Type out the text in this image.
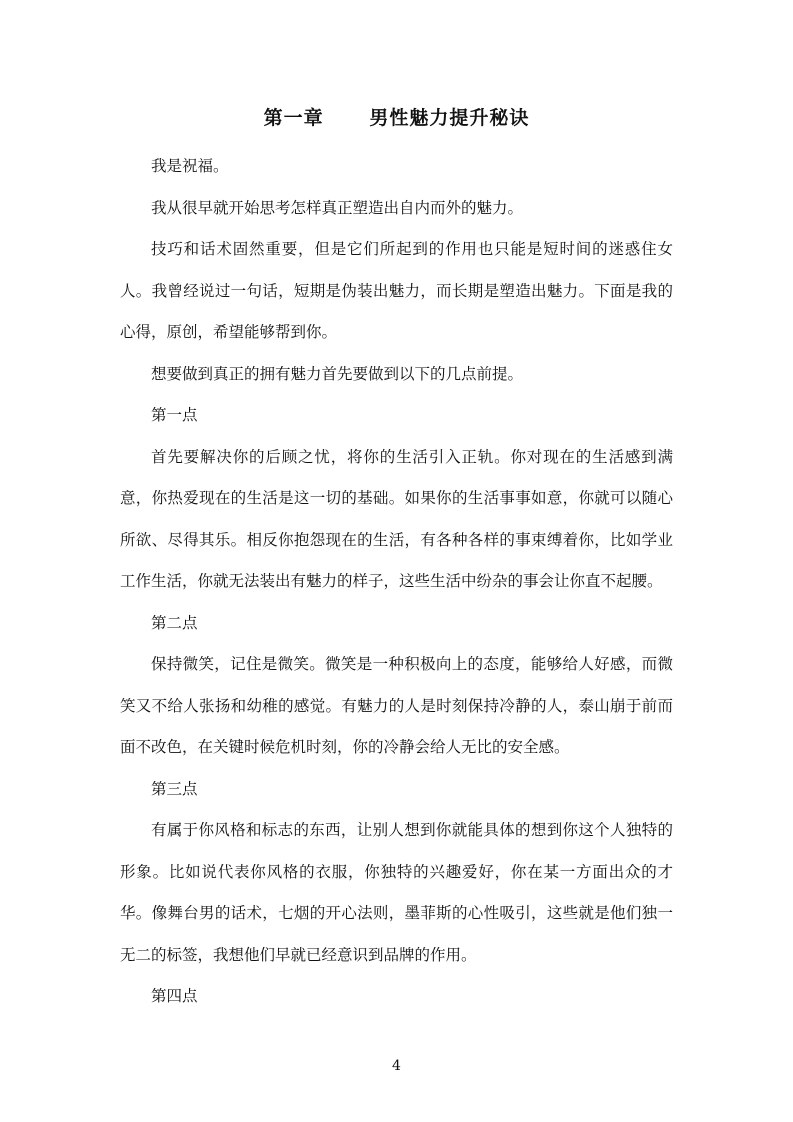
第一章      男性魅力提升秘诀

我是祝福。

我从很早就开始思考怎样真正塑造出自内而外的魅力。

技巧和话术固然重要，但是它们所起到的作用也只能是短时间的迷惑住女人。我曾经说过一句话，短期是伪装出魅力，而长期是塑造出魅力。下面是我的心得，原创，希望能够帮到你。

想要做到真正的拥有魅力首先要做到以下的几点前提。

第一点

首先要解决你的后顾之忧，将你的生活引入正轨。你对现在的生活感到满意，你热爱现在的生活是这一切的基础。如果你的生活事事如意，你就可以随心所欲、尽得其乐。相反你抱怨现在的生活，有各种各样的事束缚着你，比如学业工作生活，你就无法装出有魅力的样子，这些生活中纷杂的事会让你直不起腰。

第二点

保持微笑，记住是微笑。微笑是一种积极向上的态度，能够给人好感，而微笑又不给人张扬和幼稚的感觉。有魅力的人是时刻保持冷静的人，泰山崩于前而面不改色，在关键时候危机时刻，你的冷静会给人无比的安全感。

第三点

有属于你风格和标志的东西，让别人想到你就能具体的想到你这个人独特的形象。比如说代表你风格的衣服，你独特的兴趣爱好，你在某一方面出众的才华。像舞台男的话术，七烟的开心法则，墨菲斯的心性吸引，这些就是他们独一无二的标签，我想他们早就已经意识到品牌的作用。

第四点

4
